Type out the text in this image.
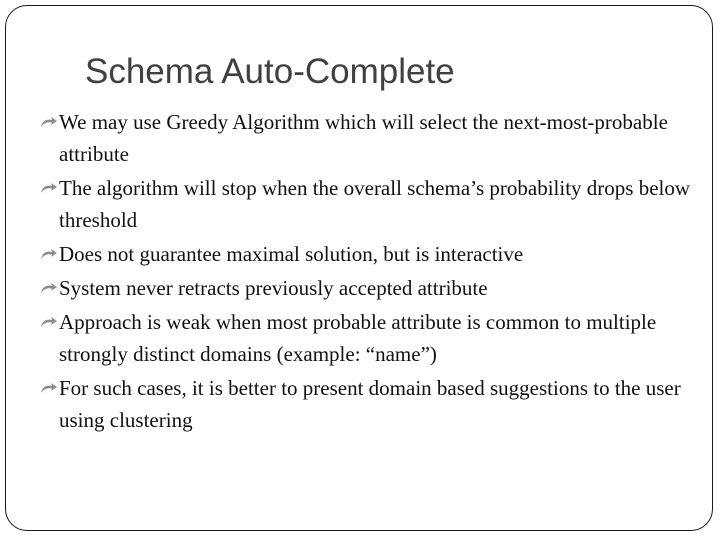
Schema Auto-Complete
We may use Greedy Algorithm which will select the next-most-probable attribute
The algorithm will stop when the overall schema’s probability drops below threshold
Does not guarantee maximal solution, but is interactive
System never retracts previously accepted attribute
Approach is weak when most probable attribute is common to multiple strongly distinct domains (example: “name”)
For such cases, it is better to present domain based suggestions to the user using clustering
